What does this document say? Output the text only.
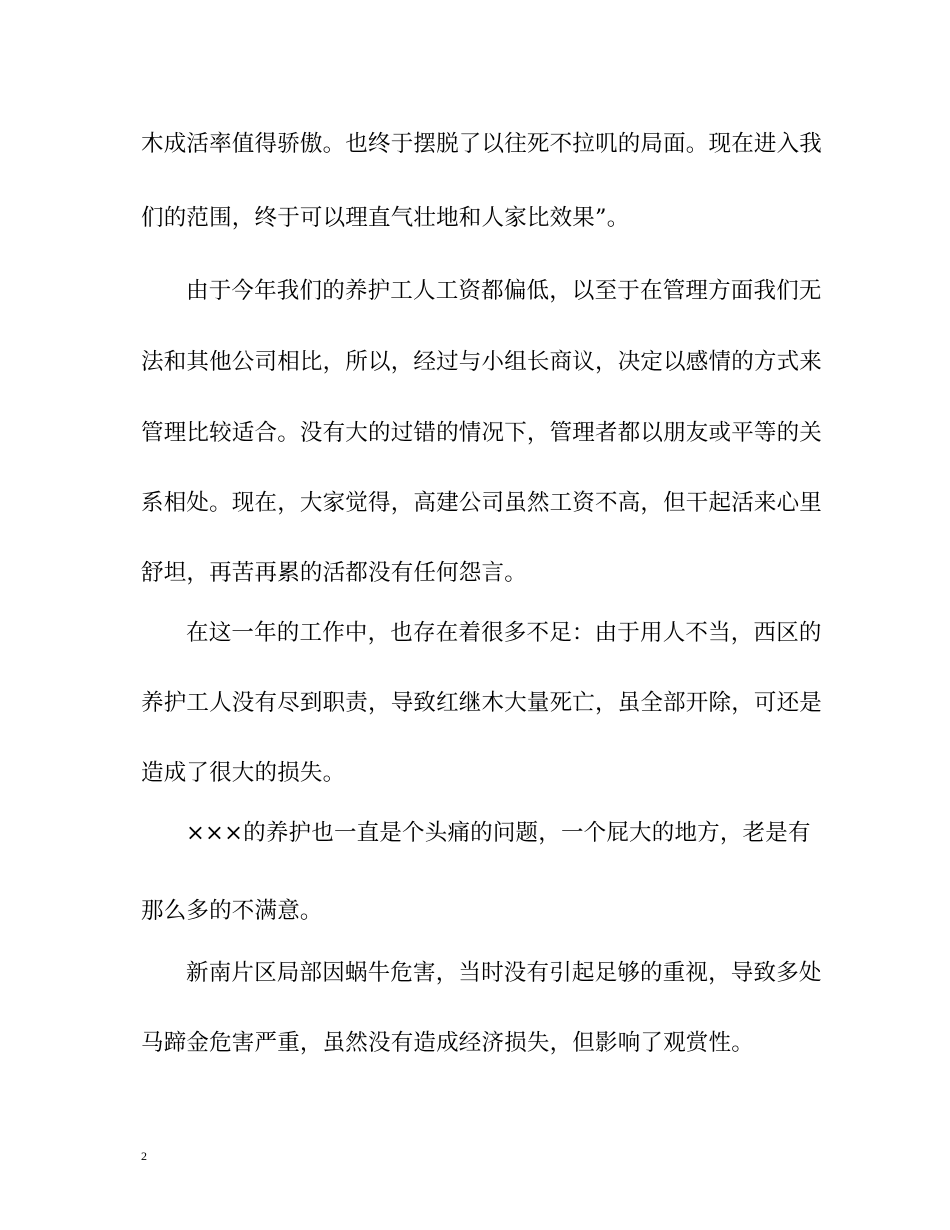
木成活率值得骄傲。也终于摆脱了以往死不拉叽的局面。现在进入我
们的范围，终于可以理直气壮地和人家比效果”。
由于今年我们的养护工人工资都偏低，以至于在管理方面我们无
法和其他公司相比，所以，经过与小组长商议，决定以感情的方式来
管理比较适合。没有大的过错的情况下，管理者都以朋友或平等的关
系相处。现在，大家觉得，高建公司虽然工资不高，但干起活来心里
舒坦，再苦再累的活都没有任何怨言。
在这一年的工作中，也存在着很多不足：由于用人不当，西区的
养护工人没有尽到职责，导致红继木大量死亡，虽全部开除，可还是
造成了很大的损失。
×××的养护也一直是个头痛的问题，一个屁大的地方，老是有
那么多的不满意。
新南片区局部因蜗牛危害，当时没有引起足够的重视，导致多处
马蹄金危害严重，虽然没有造成经济损失，但影响了观赏性。
2
